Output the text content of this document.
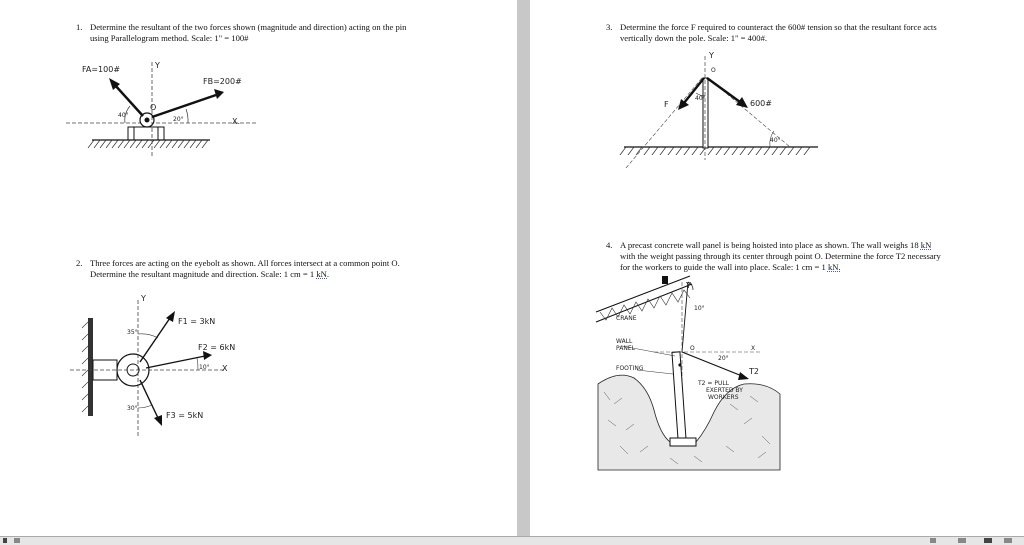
1. Determine the resultant of the two forces shown (magnitude and direction) acting on the pin
using Parallelogram method. Scale: 1" = 100#
FA=100#
FB=200#
Y
X.
O
40°
20°
2. Three forces are acting on the eyebolt as shown. All forces intersect at a common point O.
Determine the resultant magnitude and direction. Scale: 1 cm = 1 kN.
Y
X
F1 = 3kN
F2 = 6kN
F3 = 5kN
35°
10°
30°
3. Determine the force F required to counteract the 600# tension so that the resultant force acts
vertically down the pole. Scale: 1" = 400#.
F	600#
Y
O
40°
40°
4. A precast concrete wall panel is being hoisted into place as shown. The wall weighs 18 kN
with the weight passing through its center through point O. Determine the force T2 necessary
for the workers to guide the wall into place. Scale: 1 cm = 1 kN.
CRANE
WALL
PANEL
FOOTING
Y
X
O
10°
20°
T2
T2 = PULL
EXERTED BY
WORKERS
